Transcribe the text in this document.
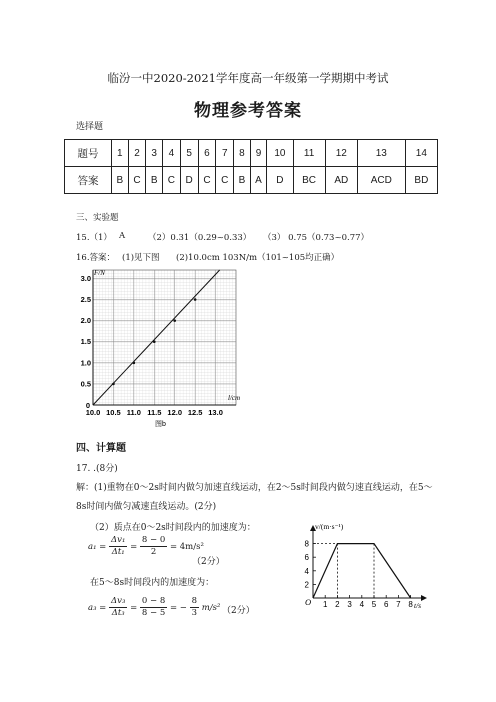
临汾一中2020-2021学年度高一年级第一学期期中考试
物理参考答案
选择题
题号	1	2	3	4	5	6	7	8	9	10	11	12	13	14
答案	B	C	B	C	D	C	C	B	A	D	BC	AD	ACD	BD
三、实验题
15.（1） A	（2）0.31（0.29~0.33） （3） 0.75（0.73~0.77）
16.答案： (1)见下图 (2)10.0cm 103N/m（101~105均正确）
0.5
1.0
1.5
2.0
2.5
3.0
0
10.0 10.5 11.0 11.5 12.0 12.5 13.0
F/N
l/cm
图b
四、计算题
17. .(8分)
解：(1)重物在0～2s时间内做匀加速直线运动，在2～5s时间段内做匀速直线运动，在5～
8s时间内做匀减速直线运动。(2分)
（2）质点在0～2s时间段内的加速度为：
$a_1 = \frac{\text{Δv₁}}{\text{Δt₁}} = \frac{8 - 0}{2} = 4m/s^2$
（2分）
在5～8s时间段内的加速度为：
$a_3 = \frac{\text{Δv₃}}{\text{Δt₃}} = \frac{0 - 8}{8 - 5}$ = − $\frac{8}{3} m/s^2$ （2分）
2
4
6
8
1 2 3 4 5 6 7 8
O
v/(m·s⁻¹)
t/s
